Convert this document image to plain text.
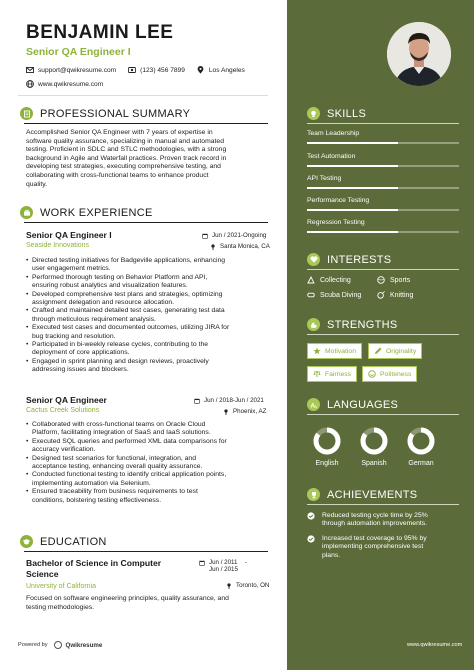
BENJAMIN LEE
Senior QA Engineer I
support@qwikresume.com	(123) 456 7899	Los Angeles
www.qwikresume.com
PROFESSIONAL SUMMARY
Accomplished Senior QA Engineer with 7 years of expertise in
software quality assurance, specializing in manual and automated
testing. Proficient in SDLC and STLC methodologies, with a strong
background in Agile and Waterfall practices. Proven track record in
developing test strategies, executing comprehensive testing, and
collaborating with cross-functional teams to enhance product
quality.
WORK EXPERIENCE
Senior QA Engineer I
Seaside Innovations
Jun / 2021-Ongoing
Santa Monica, CA
• Directed testing initiatives for Badgeville applications, enhancing
user engagement metrics.
• Performed thorough testing on Behavior Platform and API,
ensuring robust analytics and visualization features.
• Developed comprehensive test plans and strategies, optimizing
assignment delegation and resource allocation.
• Crafted and maintained detailed test cases, generating test data
through meticulous requirement analysis.
• Executed test cases and documented outcomes, utilizing JIRA for
bug tracking and resolution.
• Participated in bi-weekly release cycles, contributing to the
deployment of core applications.
• Engaged in sprint planning and design reviews, proactively
addressing issues and blockers.
Senior QA Engineer
Cactus Creek Solutions
Jun / 2018-Jun / 2021
Phoenix, AZ
• Collaborated with cross-functional teams on Oracle Cloud
Platform, facilitating integration of SaaS and IaaS solutions.
• Executed SQL queries and performed XML data comparisons for
accuracy verification.
• Designed test scenarios for functional, integration, and
acceptance testing, enhancing overall quality assurance.
• Conducted functional testing to identify critical application points,
implementing automation via Selenium.
• Ensured traceability from business requirements to test
conditions, bolstering testing effectiveness.
EDUCATION
Bachelor of Science in Computer
Science
University of California
Jun / 2011
Jun / 2015
-
Toronto, ON
Focused on software engineering principles, quality assurance, and
testing methodologies.
Powered by	Qwikresume
SKILLS
Team Leadership
Test Automation
API Testing
Performance Testing
Regression Testing
INTERESTS
Collecting	Sports
Scuba Diving	Knitting
STRENGTHS
Motivation	Originality
Fairness	Politeness
A a LANGUAGES
English	Spanish	German
ACHIEVEMENTS
Reduced testing cycle time by 25%
through automation improvements.
Increased test coverage to 95% by
implementing comprehensive test
plans.
www.qwikresume.com
